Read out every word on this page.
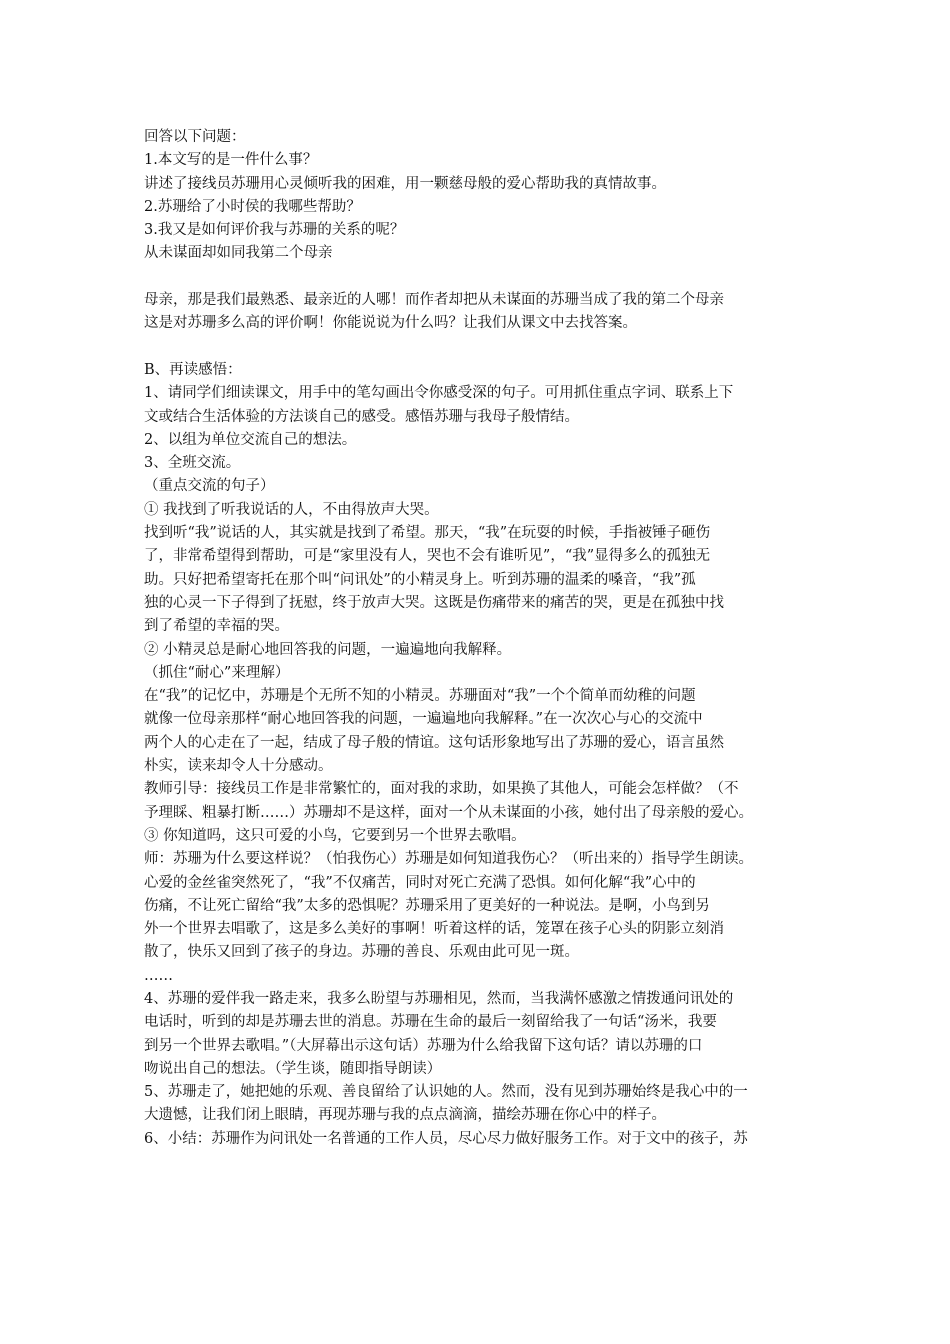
回答以下问题：

1.本文写的是一件什么事？

讲述了接线员苏珊用心灵倾听我的困难，用一颗慈母般的爱心帮助我的真情故事。

2.苏珊给了小时侯的我哪些帮助？

3.我又是如何评价我与苏珊的关系的呢？

从未谋面却如同我第二个母亲

母亲，那是我们最熟悉、最亲近的人哪！而作者却把从未谋面的苏珊当成了我的第二个母亲

这是对苏珊多么高的评价啊！你能说说为什么吗？让我们从课文中去找答案。

B、再读感悟：

1、请同学们细读课文，用手中的笔勾画出令你感受深的句子。可用抓住重点字词、联系上下

文或结合生活体验的方法谈自己的感受。感悟苏珊与我母子般情结。

2、以组为单位交流自己的想法。

3、全班交流。

（重点交流的句子）

① 我找到了听我说话的人，不由得放声大哭。

找到听“我”说话的人，其实就是找到了希望。那天，“我”在玩耍的时候，手指被锤子砸伤

了，非常希望得到帮助，可是“家里没有人，哭也不会有谁听见”，“我”显得多么的孤独无

助。只好把希望寄托在那个叫“问讯处”的小精灵身上。听到苏珊的温柔的嗓音，“我”孤

独的心灵一下子得到了抚慰，终于放声大哭。这既是伤痛带来的痛苦的哭，更是在孤独中找

到了希望的幸福的哭。

② 小精灵总是耐心地回答我的问题，一遍遍地向我解释。

（抓住“耐心”来理解）

在“我”的记忆中，苏珊是个无所不知的小精灵。苏珊面对“我”一个个简单而幼稚的问题

就像一位母亲那样“耐心地回答我的问题，一遍遍地向我解释。”在一次次心与心的交流中

两个人的心走在了一起，结成了母子般的情谊。这句话形象地写出了苏珊的爱心，语言虽然

朴实，读来却令人十分感动。

教师引导：接线员工作是非常繁忙的，面对我的求助，如果换了其他人，可能会怎样做？（不

予理睬、粗暴打断……）苏珊却不是这样，面对一个从未谋面的小孩，她付出了母亲般的爱心。

③ 你知道吗，这只可爱的小鸟，它要到另一个世界去歌唱。

师：苏珊为什么要这样说？（怕我伤心）苏珊是如何知道我伤心？（听出来的）指导学生朗读。

心爱的金丝雀突然死了，“我”不仅痛苦，同时对死亡充满了恐惧。如何化解“我”心中的

伤痛，不让死亡留给“我”太多的恐惧呢？苏珊采用了更美好的一种说法。是啊，小鸟到另

外一个世界去唱歌了，这是多么美好的事啊！听着这样的话，笼罩在孩子心头的阴影立刻消

散了，快乐又回到了孩子的身边。苏珊的善良、乐观由此可见一斑。

……

4、苏珊的爱伴我一路走来，我多么盼望与苏珊相见，然而，当我满怀感激之情拨通问讯处的

电话时，听到的却是苏珊去世的消息。苏珊在生命的最后一刻留给我了一句话“汤米，我要

到另一个世界去歌唱。”（大屏幕出示这句话）苏珊为什么给我留下这句话？请以苏珊的口

吻说出自己的想法。（学生谈，随即指导朗读）

5、苏珊走了，她把她的乐观、善良留给了认识她的人。然而，没有见到苏珊始终是我心中的一

大遗憾，让我们闭上眼睛，再现苏珊与我的点点滴滴，描绘苏珊在你心中的样子。

6、小结：苏珊作为问讯处一名普通的工作人员，尽心尽力做好服务工作。对于文中的孩子，苏
